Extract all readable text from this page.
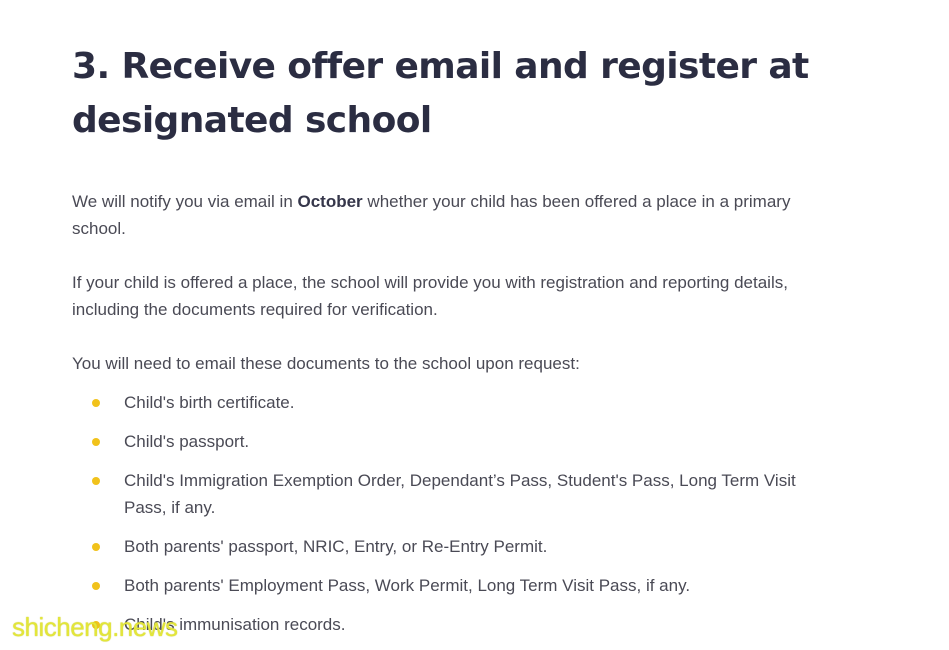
3. Receive offer email and register at designated school

We will notify you via email in October whether your child has been offered a place in a primary school.

If your child is offered a place, the school will provide you with registration and reporting details, including the documents required for verification.

You will need to email these documents to the school upon request:

Child's birth certificate.
Child's passport.
Child's Immigration Exemption Order, Dependant’s Pass, Student's Pass, Long Term Visit Pass, if any.
Both parents' passport, NRIC, Entry, or Re-Entry Permit.
Both parents' Employment Pass, Work Permit, Long Term Visit Pass, if any.
Child's immunisation records.
shicheng.news
